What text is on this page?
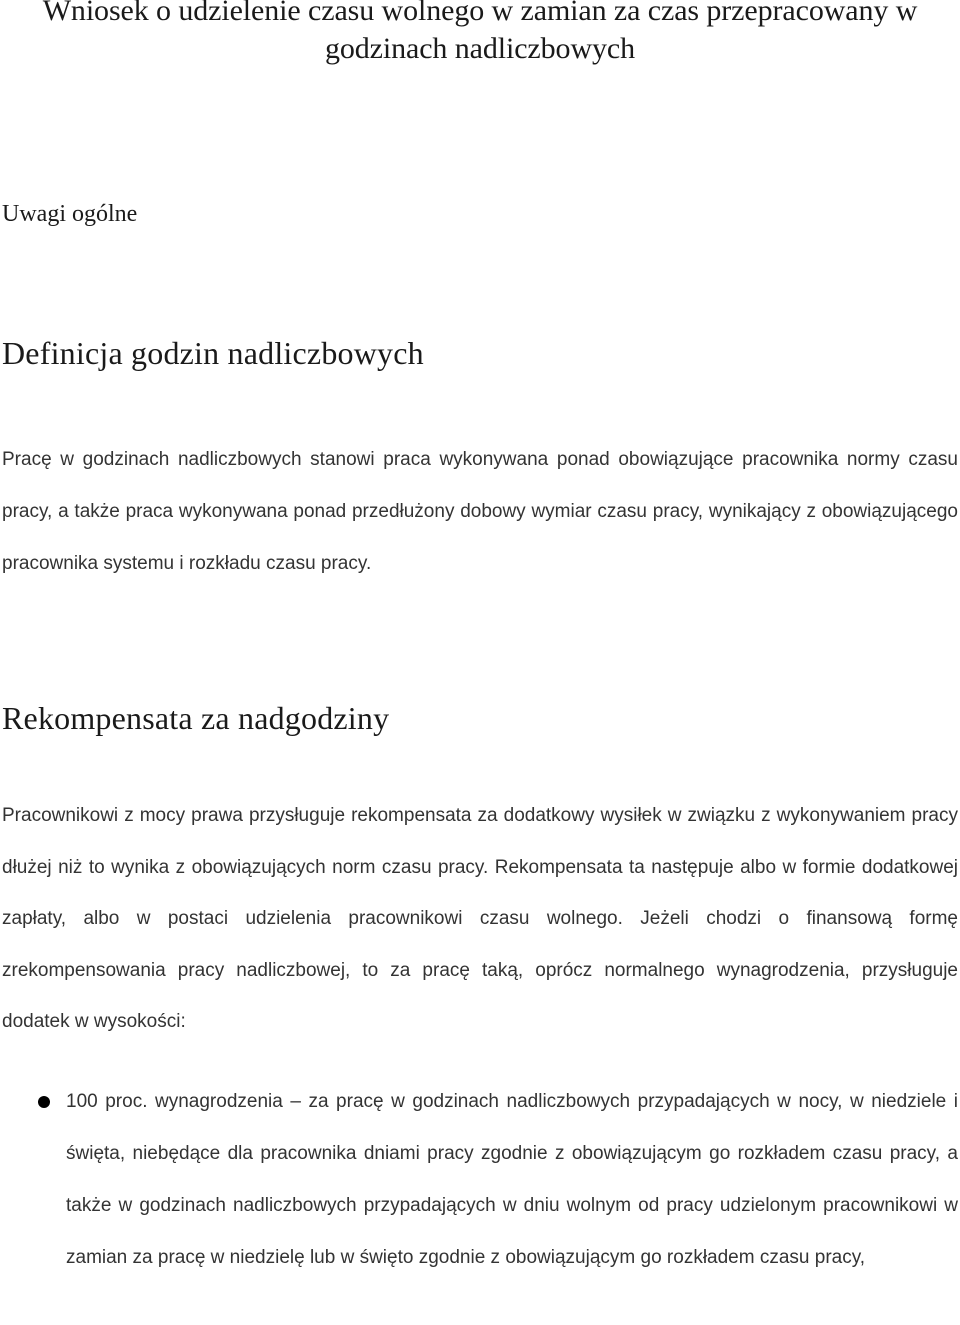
Wniosek o udzielenie czasu wolnego w zamian za czas przepracowany w godzinach nadliczbowych
Uwagi ogólne
Definicja godzin nadliczbowych

Pracę w godzinach nadliczbowych stanowi praca wykonywana ponad obowiązujące pracownika normy czasu pracy, a także praca wykonywana ponad przedłużony dobowy wymiar czasu pracy, wynikający z obowiązującego pracownika systemu i rozkładu czasu pracy.

Rekompensata za nadgodziny

Pracownikowi z mocy prawa przysługuje rekompensata za dodatkowy wysiłek w związku z wykonywaniem pracy dłużej niż to wynika z obowiązujących norm czasu pracy. Rekompensata ta następuje albo w formie dodatkowej zapłaty, albo w postaci udzielenia pracownikowi czasu wolnego. Jeżeli chodzi o finansową formę zrekompensowania pracy nadliczbowej, to za pracę taką, oprócz normalnego wynagrodzenia, przysługuje dodatek w wysokości:

100 proc. wynagrodzenia – za pracę w godzinach nadliczbowych przypadających w nocy, w niedziele i święta, niebędące dla pracownika dniami pracy zgodnie z obowiązującym go rozkładem czasu pracy, a także w godzinach nadliczbowych przypadających w dniu wolnym od pracy udzielonym pracownikowi w zamian za pracę w niedzielę lub w święto zgodnie z obowiązującym go rozkładem czasu pracy,
